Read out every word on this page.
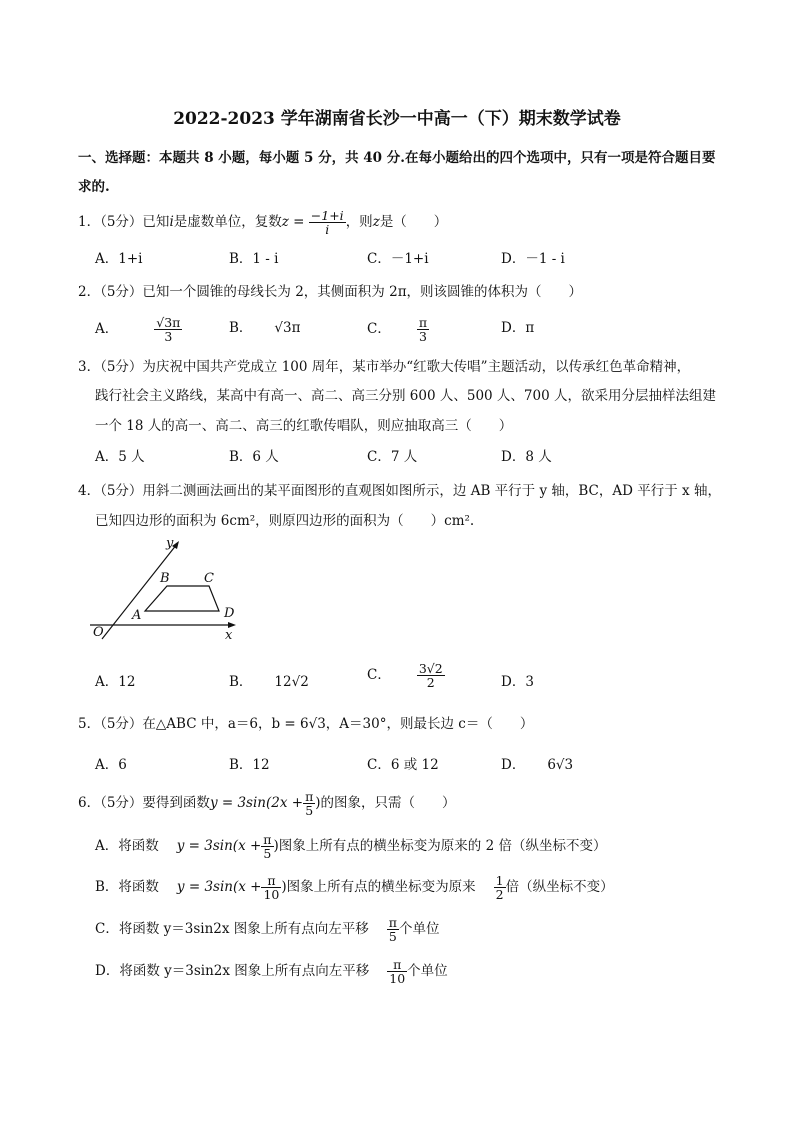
2022-2023 学年湖南省长沙一中高一（下）期末数学试卷
一、选择题：本题共 8 小题，每小题 5 分，共 40 分.在每小题给出的四个选项中，只有一项是符合题目要
求的.
1．（5分）已知i是虚数单位，复数$z = \frac{-1+i}{i}$ ，则z是（　　）
A．1+i	B．1 - i	C．－1+i	D．－1 - i
2．（5分）已知一个圆锥的母线长为 2，其侧面积为 2π，则该圆锥的体积为（　　）
A．	$\frac{√3\pi}{3}$	B． √3π	C． $\frac{\pi}{3}$	D．π
3．（5分）为庆祝中国共产党成立 100 周年，某市举办“红歌大传唱”主题活动，以传承红色革命精神，
践行社会主义路线，某高中有高一、高二、高三分别 600 人、500 人、700 人，欲采用分层抽样法组建
一个 18 人的高一、高二、高三的红歌传唱队，则应抽取高三（　　）
A．5 人	B．6 人	C．7 人	D．8 人
4．（5分）用斜二测画法画出的某平面图形的直观图如图所示，边 AB 平行于 y 轴，BC，AD 平行于 x 轴，
已知四边形的面积为 6cm²，则原四边形的面积为（　　）cm².
y
x
O
A
B	C
D
A．12	B． 12√2	C． $\frac{3√2}{2}$	D．3
5．（5分）在△ABC 中，a＝6，b = 6√3，A＝30°，则最长边 c＝（　　）
A．6	B．12	C．6 或 12	D． 6√3
6．（5分）要得到函数$y = 3\sin(2x + \frac{\pi}{5}$ )的图象，只需（　　）
A．将函数 $y = 3\sin(x + \frac{\pi}{5}$ )图象上所有点的横坐标变为原来的 2 倍（纵坐标不变）
B．将函数 $y = 3\sin(x + \frac{\pi}{10}$ )图象上所有点的横坐标变为原来 $\frac{1}{2}$ 倍（纵坐标不变）
C．将函数 y＝3sin2x 图象上所有点向左平移 $\frac{\pi}{5}$ 个单位
D．将函数 y＝3sin2x 图象上所有点向左平移 $\frac{\pi}{10}$ 个单位
